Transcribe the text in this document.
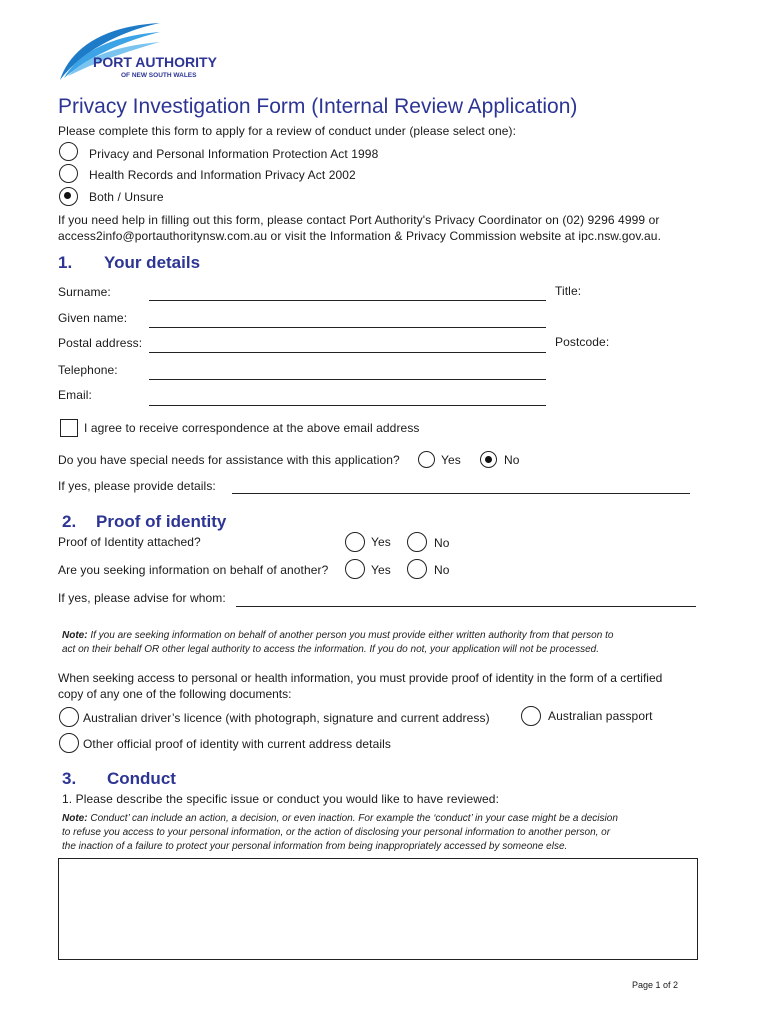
PORT AUTHORITY
OF NEW SOUTH WALES
Privacy Investigation Form (Internal Review Application)
Please complete this form to apply for a review of conduct under (please select one):
Privacy and Personal Information Protection Act 1998
Health Records and Information Privacy Act 2002
Both / Unsure
If you need help in filling out this form, please contact Port Authority's Privacy Coordinator on (02) 9296 4999 or
access2info@portauthoritynsw.com.au or visit the Information & Privacy Commission website at ipc.nsw.gov.au.
1. Your details
Surname:	Title:
Given name:
Postal address:	Postcode:
Telephone:
Email:
I agree to receive correspondence at the above email address
Do you have special needs for assistance with this application?	Yes	No
If yes, please provide details:
2. Proof of identity
Proof of Identity attached?	Yes	No
Are you seeking information on behalf of another?	Yes	No
If yes, please advise for whom:
Note: If you are seeking information on behalf of another person you must provide either written authority from that person to
act on their behalf OR other legal authority to access the information. If you do not, your application will not be processed.
When seeking access to personal or health information, you must provide proof of identity in the form of a certified
copy of any one of the following documents:
Australian driver’s licence (with photograph, signature and current address)	Australian passport
Other official proof of identity with current address details
3. Conduct
1. Please describe the specific issue or conduct you would like to have reviewed:
Note: Conduct’ can include an action, a decision, or even inaction. For example the ‘conduct’ in your case might be a decision
to refuse you access to your personal information, or the action of disclosing your personal information to another person, or
the inaction of a failure to protect your personal information from being inappropriately accessed by someone else.
Page 1 of 2
